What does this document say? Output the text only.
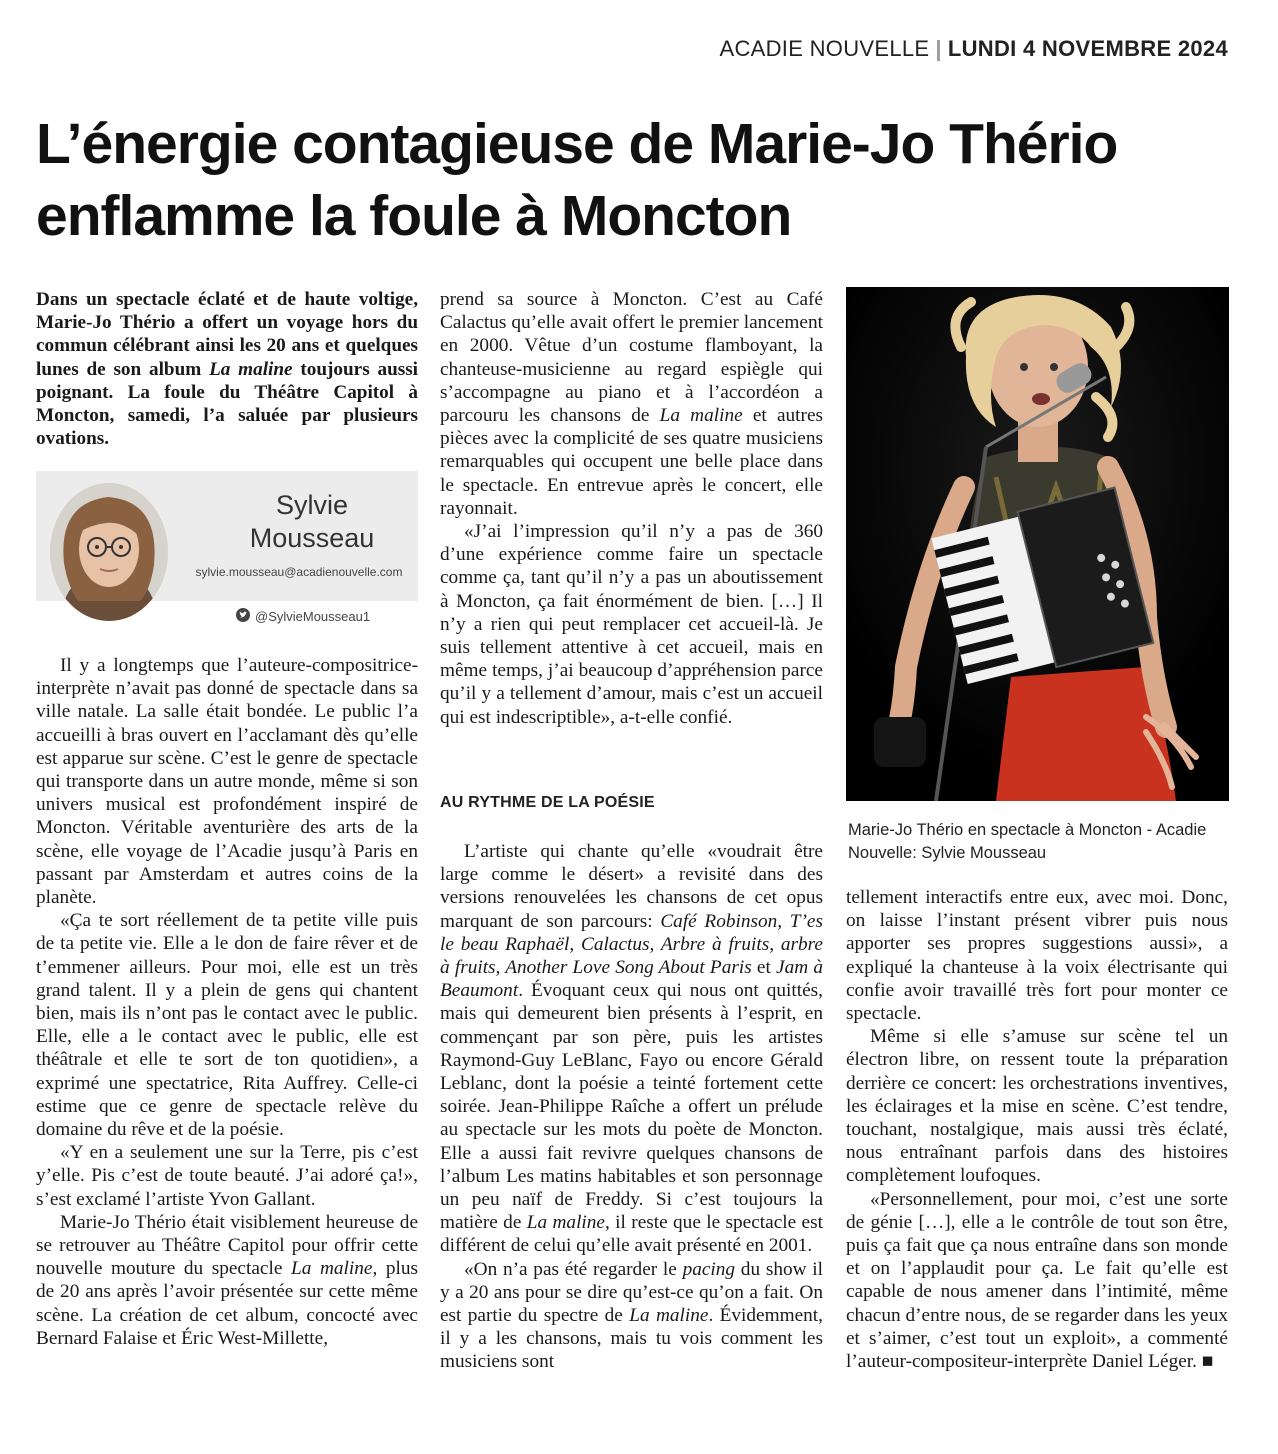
ACADIE NOUVELLE | LUNDI 4 NOVEMBRE 2024
L’énergie contagieuse de Marie-Jo Thério enflamme la foule à Moncton

Dans un spectacle éclaté et de haute voltige, Marie-Jo Thério a offert un voyage hors du commun célébrant ainsi les 20 ans et quelques lunes de son album La maline toujours aussi poignant. La foule du Théâtre Capitol à Moncton, samedi, l’a saluée par plusieurs ovations.

Sylvie Mousseau
sylvie.mousseau@acadienouvelle.com
@SylvieMousseau1

Il y a longtemps que l’auteure-compositrice-interprète n’avait pas donné de spectacle dans sa ville natale. La salle était bondée. Le public l’a accueilli à bras ouvert en l’acclamant dès qu’elle est apparue sur scène. C’est le genre de spectacle qui transporte dans un autre monde, même si son univers musical est profondément inspiré de Moncton. Véritable aventurière des arts de la scène, elle voyage de l’Acadie jusqu’à Paris en passant par Amsterdam et autres coins de la planète.

«Ça te sort réellement de ta petite ville puis de ta petite vie. Elle a le don de faire rêver et de t’emmener ailleurs. Pour moi, elle est un très grand talent. Il y a plein de gens qui chantent bien, mais ils n’ont pas le contact avec le public. Elle, elle a le contact avec le public, elle est théâtrale et elle te sort de ton quotidien», a exprimé une spectatrice, Rita Auffrey. Celle-ci estime que ce genre de spectacle relève du domaine du rêve et de la poésie.

«Y en a seulement une sur la Terre, pis c’est y’elle. Pis c’est de toute beauté. J’ai adoré ça!», s’est exclamé l’artiste Yvon Gallant.

Marie-Jo Thério était visiblement heureuse de se retrouver au Théâtre Capitol pour offrir cette nouvelle mouture du spectacle La maline, plus de 20 ans après l’avoir présentée sur cette même scène. La création de cet album, concocté avec Bernard Falaise et Éric West-Millette,

prend sa source à Moncton. C’est au Café Calactus qu’elle avait offert le premier lancement en 2000. Vêtue d’un costume flamboyant, la chanteuse-musicienne au regard espiègle qui s’accompagne au piano et à l’accordéon a parcouru les chansons de La maline et autres pièces avec la complicité de ses quatre musiciens remarquables qui occupent une belle place dans le spectacle. En entrevue après le concert, elle rayonnait.

«J’ai l’impression qu’il n’y a pas de 360 d’une expérience comme faire un spectacle comme ça, tant qu’il n’y a pas un aboutissement à Moncton, ça fait énormément de bien. […] Il n’y a rien qui peut remplacer cet accueil-là. Je suis tellement attentive à cet accueil, mais en même temps, j’ai beaucoup d’appréhension parce qu’il y a tellement d’amour, mais c’est un accueil qui est indescriptible», a-t-elle confié.

AU RYTHME DE LA POÉSIE

L’artiste qui chante qu’elle «voudrait être large comme le désert» a revisité dans des versions renouvelées les chansons de cet opus marquant de son parcours: Café Robinson, T’es le beau Raphaël, Calactus, Arbre à fruits, arbre à fruits, Another Love Song About Paris et Jam à Beaumont. Évoquant ceux qui nous ont quittés, mais qui demeurent bien présents à l’esprit, en commençant par son père, puis les artistes Raymond-Guy LeBlanc, Fayo ou encore Gérald Leblanc, dont la poésie a teinté fortement cette soirée. Jean-Philippe Raîche a offert un prélude au spectacle sur les mots du poète de Moncton. Elle a aussi fait revivre quelques chansons de l’album Les matins habitables et son personnage un peu naïf de Freddy. Si c’est toujours la matière de La maline, il reste que le spectacle est différent de celui qu’elle avait présenté en 2001.

«On n’a pas été regarder le pacing du show il y a 20 ans pour se dire qu’est-ce qu’on a fait. On est partie du spectre de La maline. Évidemment, il y a les chansons, mais tu vois comment les musiciens sont

Marie-Jo Thério en spectacle à Moncton - Acadie Nouvelle: Sylvie Mousseau

tellement interactifs entre eux, avec moi. Donc, on laisse l’instant présent vibrer puis nous apporter ses propres suggestions aussi», a expliqué la chanteuse à la voix électrisante qui confie avoir travaillé très fort pour monter ce spectacle.

Même si elle s’amuse sur scène tel un électron libre, on ressent toute la préparation derrière ce concert: les orchestrations inventives, les éclairages et la mise en scène. C’est tendre, touchant, nostalgique, mais aussi très éclaté, nous entraînant parfois dans des histoires complètement loufoques.

«Personnellement, pour moi, c’est une sorte de génie […], elle a le contrôle de tout son être, puis ça fait que ça nous entraîne dans son monde et on l’applaudit pour ça. Le fait qu’elle est capable de nous amener dans l’intimité, même chacun d’entre nous, de se regarder dans les yeux et s’aimer, c’est tout un exploit», a commenté l’auteur-compositeur-interprète Daniel Léger. ■
